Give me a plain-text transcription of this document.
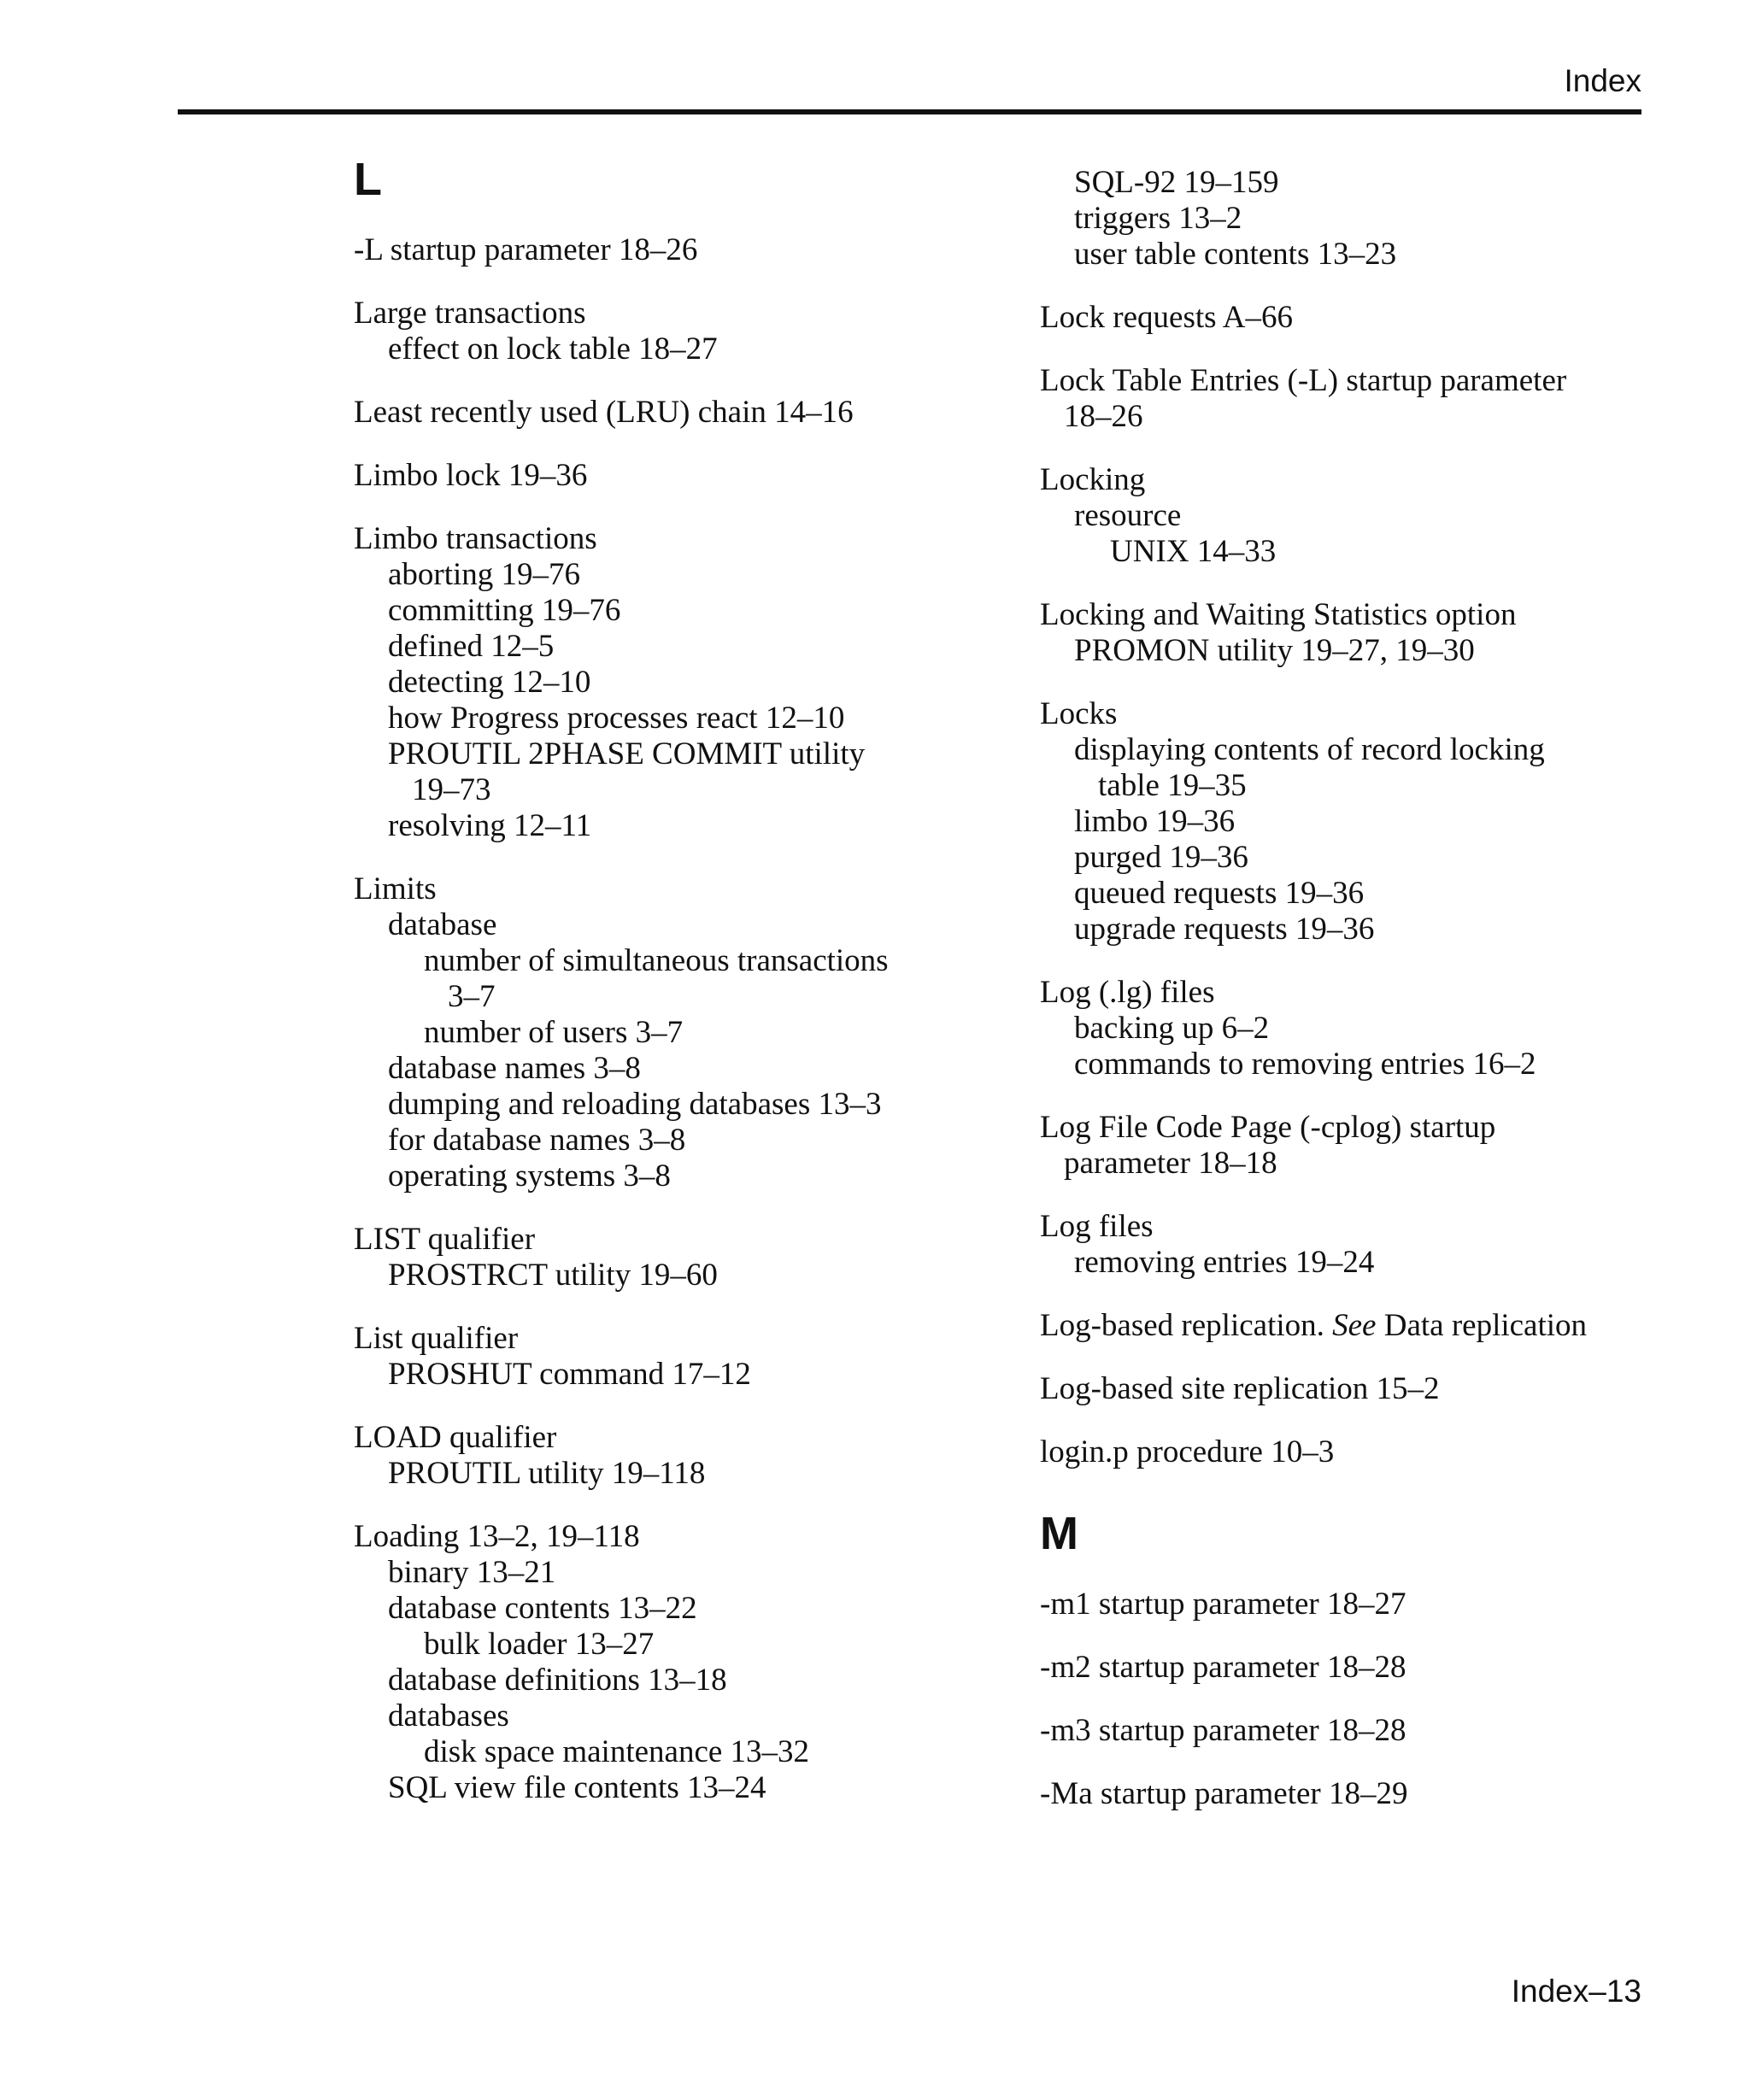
Index
L
-L startup parameter 18–26
Large transactions
effect on lock table 18–27
Least recently used (LRU) chain 14–16
Limbo lock 19–36
Limbo transactions
aborting 19–76
committing 19–76
defined 12–5
detecting 12–10
how Progress processes react 12–10
PROUTIL 2PHASE COMMIT utility
19–73
resolving 12–11
Limits
database
number of simultaneous transactions
3–7
number of users 3–7
database names 3–8
dumping and reloading databases 13–3
for database names 3–8
operating systems 3–8
LIST qualifier
PROSTRCT utility 19–60
List qualifier
PROSHUT command 17–12
LOAD qualifier
PROUTIL utility 19–118
Loading 13–2, 19–118
binary 13–21
database contents 13–22
bulk loader 13–27
database definitions 13–18
databases
disk space maintenance 13–32
SQL view file contents 13–24
SQL-92 19–159
triggers 13–2
user table contents 13–23
Lock requests A–66
Lock Table Entries (-L) startup parameter
18–26
Locking
resource
UNIX 14–33
Locking and Waiting Statistics option
PROMON utility 19–27, 19–30
Locks
displaying contents of record locking
table 19–35
limbo 19–36
purged 19–36
queued requests 19–36
upgrade requests 19–36
Log (.lg) files
backing up 6–2
commands to removing entries 16–2
Log File Code Page (-cplog) startup
parameter 18–18
Log files
removing entries 19–24
Log-based replication. See Data replication
Log-based site replication 15–2
login.p procedure 10–3
M
-m1 startup parameter 18–27
-m2 startup parameter 18–28
-m3 startup parameter 18–28
-Ma startup parameter 18–29
Index–13
